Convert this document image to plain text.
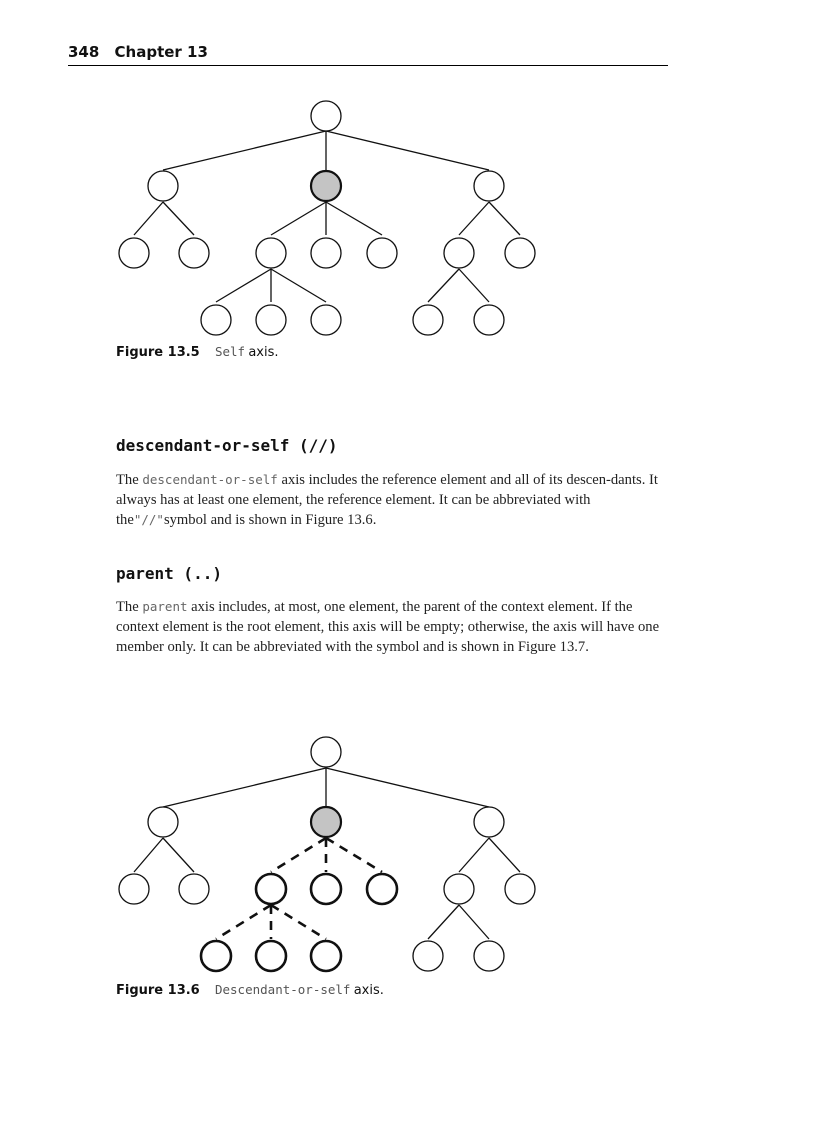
348 Chapter 13
Figure 13.5 Self axis.
descendant-or-self (//)

The descendant-or-self axis includes the reference element and all of its descen-dants. It always has at least one element, the reference element. It can be abbreviated with the"//"symbol and is shown in Figure 13.6.

parent (..)

The parent axis includes, at most, one element, the parent of the context element. If the context element is the root element, this axis will be empty; otherwise, the axis will have one member only. It can be abbreviated with the symbol and is shown in Figure 13.7.

Figure 13.6 Descendant-or-self axis.
